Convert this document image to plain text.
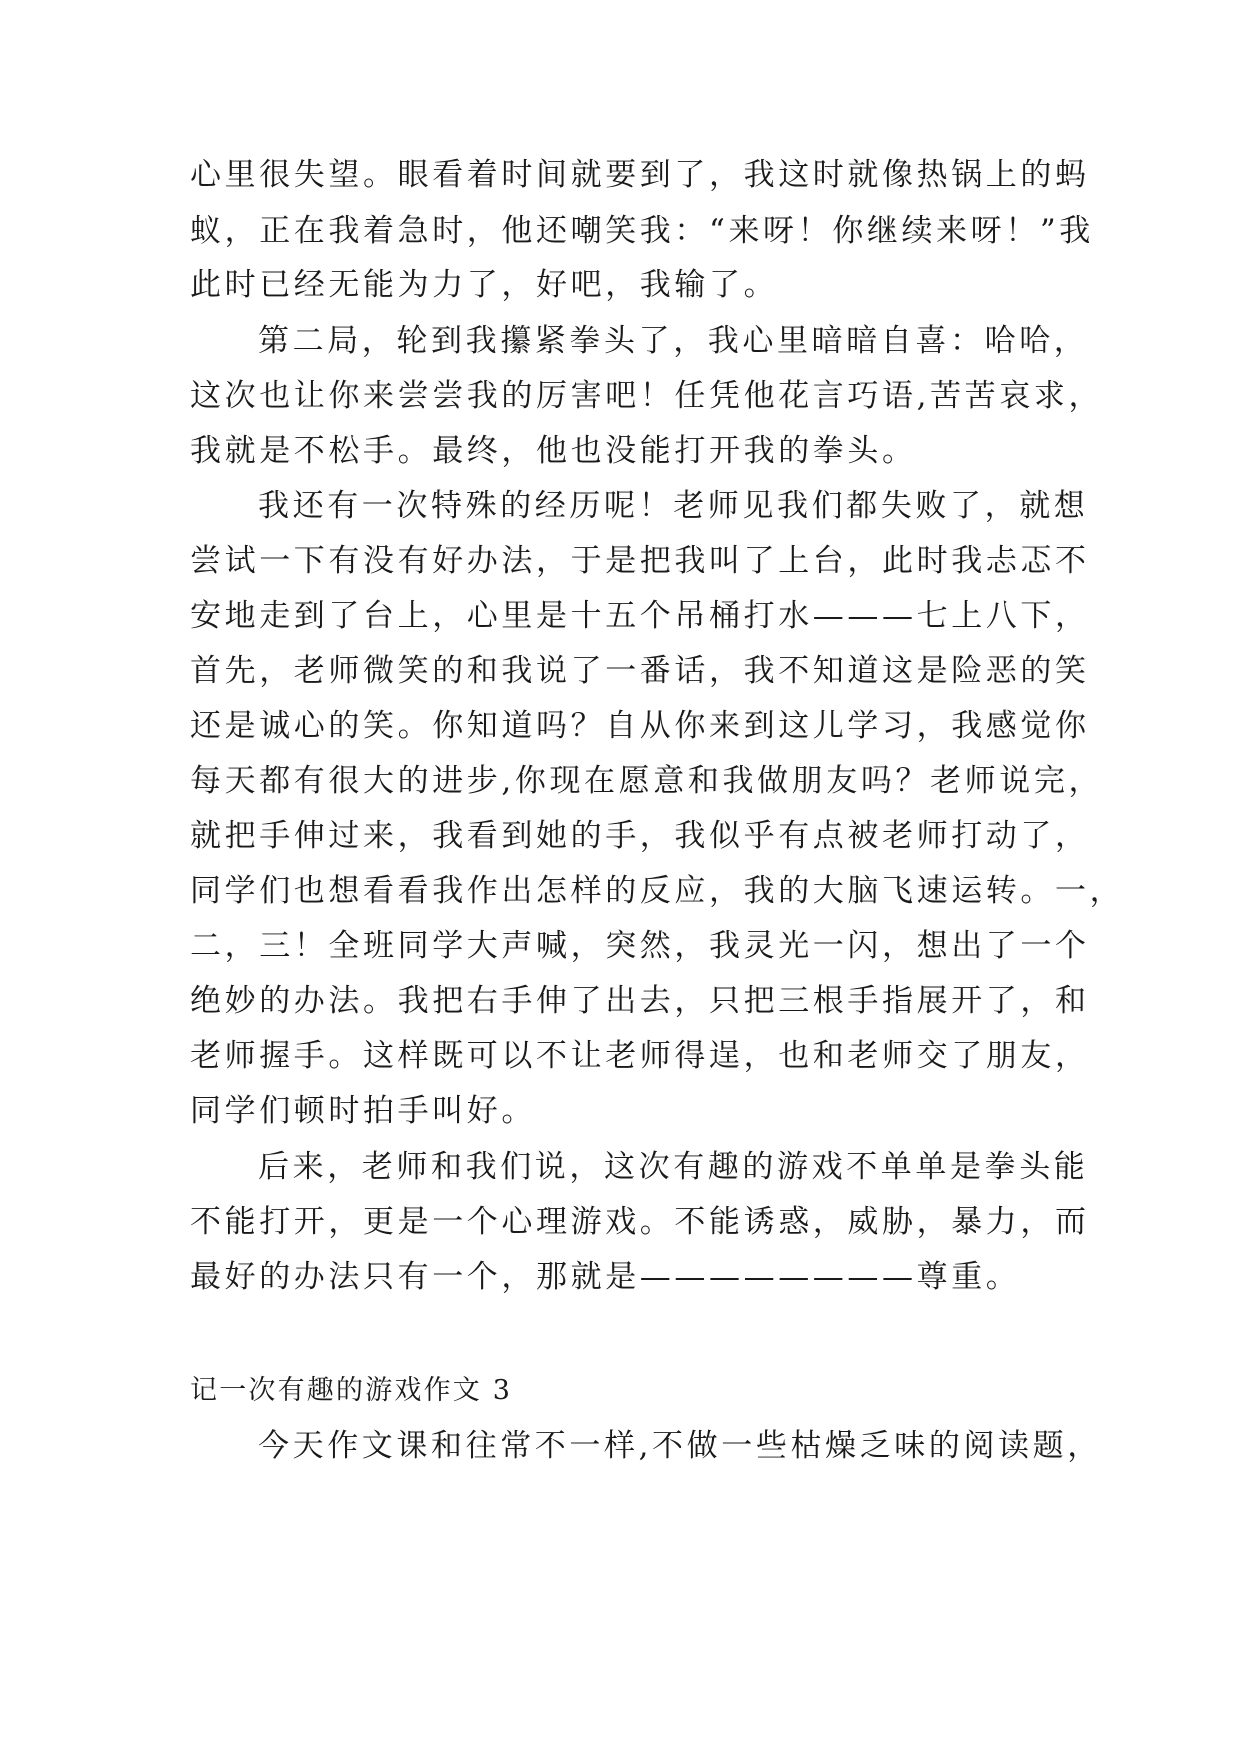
心里很失望。眼看着时间就要到了，我这时就像热锅上的蚂
蚁，正在我着急时，他还嘲笑我：“来呀！你继续来呀！”我
此时已经无能为力了，好吧，我输了。
第二局，轮到我攥紧拳头了，我心里暗暗自喜：哈哈，
这次也让你来尝尝我的厉害吧！任凭他花言巧语,苦苦哀求，
我就是不松手。最终，他也没能打开我的拳头。
我还有一次特殊的经历呢！老师见我们都失败了，就想
尝试一下有没有好办法，于是把我叫了上台，此时我忐忑不
安地走到了台上，心里是十五个吊桶打水———七上八下，
首先，老师微笑的和我说了一番话，我不知道这是险恶的笑
还是诚心的笑。你知道吗？自从你来到这儿学习，我感觉你
每天都有很大的进步,你现在愿意和我做朋友吗？老师说完，
就把手伸过来，我看到她的手，我似乎有点被老师打动了，
同学们也想看看我作出怎样的反应，我的大脑飞速运转。一，
二，三！全班同学大声喊，突然，我灵光一闪，想出了一个
绝妙的办法。我把右手伸了出去，只把三根手指展开了，和
老师握手。这样既可以不让老师得逞，也和老师交了朋友，
同学们顿时拍手叫好。
后来，老师和我们说，这次有趣的游戏不单单是拳头能
不能打开，更是一个心理游戏。不能诱惑，威胁，暴力，而
最好的办法只有一个，那就是————————尊重。
记一次有趣的游戏作文 3
今天作文课和往常不一样,不做一些枯燥乏味的阅读题，
